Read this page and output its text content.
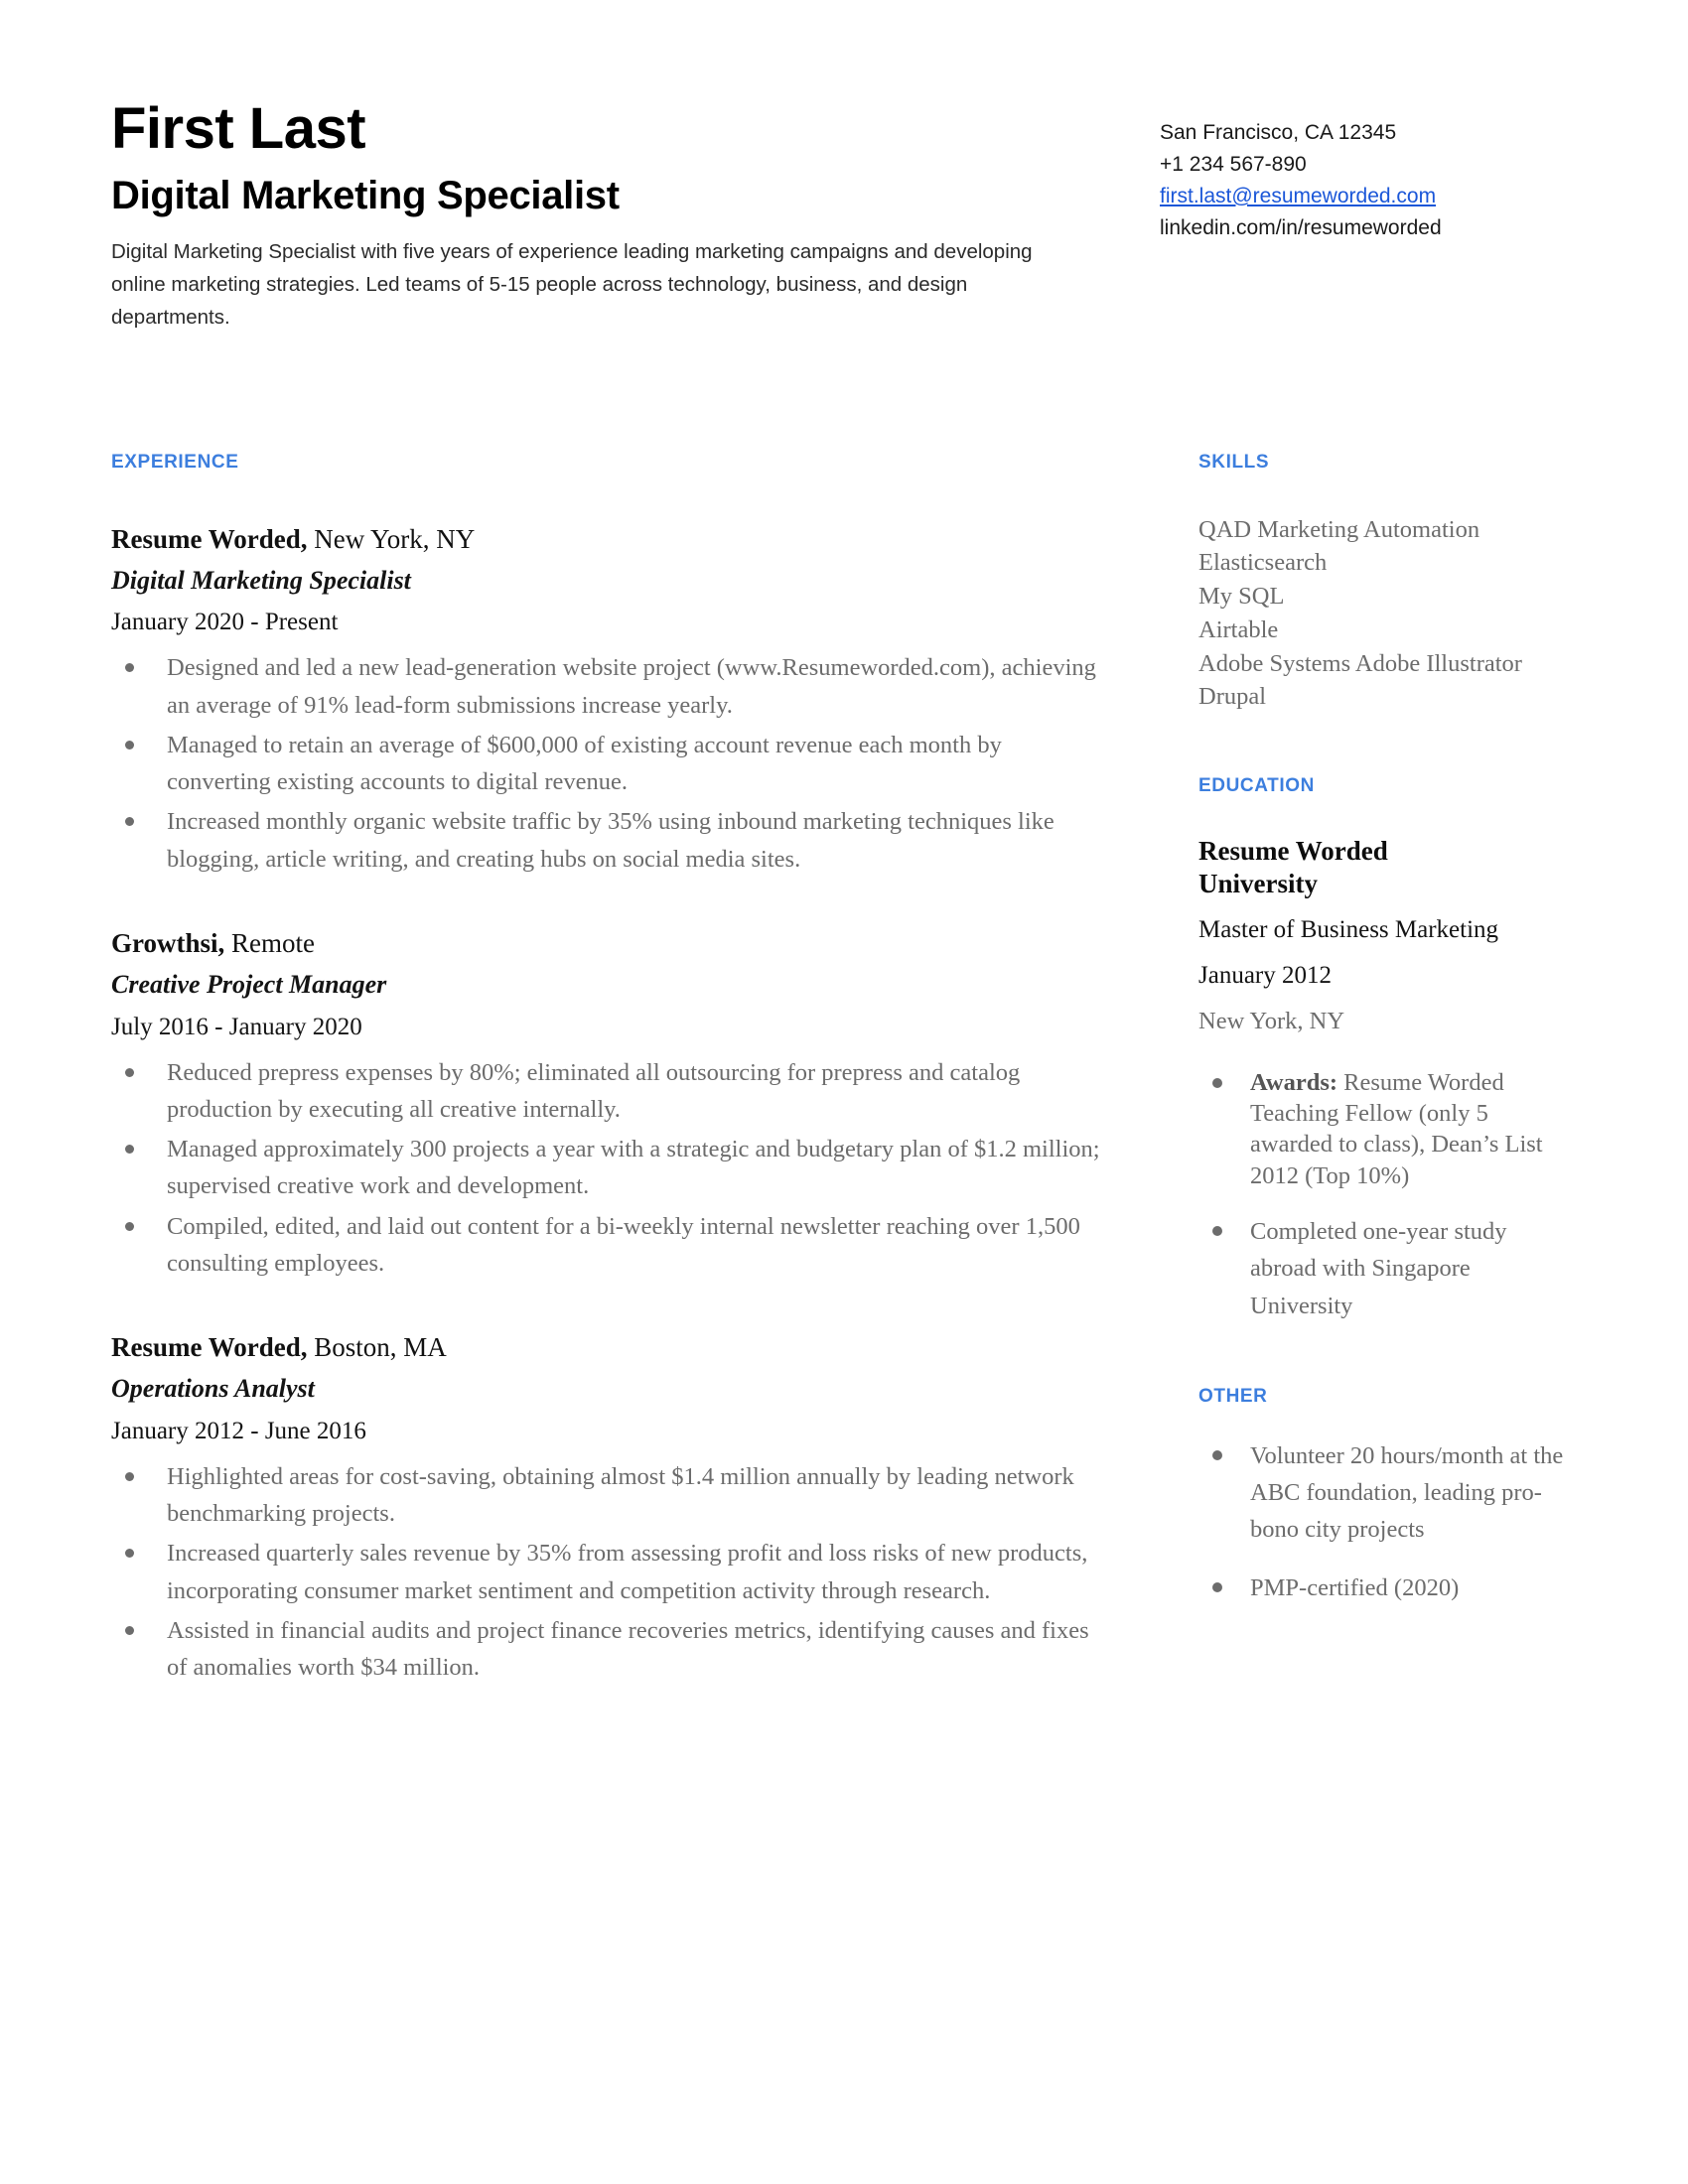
First Last
Digital Marketing Specialist
Digital Marketing Specialist with five years of experience leading marketing campaigns and developing online marketing strategies. Led teams of 5-15 people across technology, business, and design departments.
San Francisco, CA 12345
+1 234 567-890
first.last@resumeworded.com
linkedin.com/in/resumeworded
EXPERIENCE
Resume Worded, New York, NY
Digital Marketing Specialist
January 2020 - Present
Designed and led a new lead-generation website project (www.Resumeworded.com), achieving an average of 91% lead-form submissions increase yearly.
Managed to retain an average of $600,000 of existing account revenue each month by converting existing accounts to digital revenue.
Increased monthly organic website traffic by 35% using inbound marketing techniques like blogging, article writing, and creating hubs on social media sites.
Growthsi, Remote
Creative Project Manager
July 2016 - January 2020
Reduced prepress expenses by 80%; eliminated all outsourcing for prepress and catalog production by executing all creative internally.
Managed approximately 300 projects a year with a strategic and budgetary plan of $1.2 million; supervised creative work and development.
Compiled, edited, and laid out content for a bi-weekly internal newsletter reaching over 1,500 consulting employees.
Resume Worded, Boston, MA
Operations Analyst
January 2012 - June 2016
Highlighted areas for cost-saving, obtaining almost $1.4 million annually by leading network benchmarking projects.
Increased quarterly sales revenue by 35% from assessing profit and loss risks of new products, incorporating consumer market sentiment and competition activity through research.
Assisted in financial audits and project finance recoveries metrics, identifying causes and fixes of anomalies worth $34 million.
SKILLS
QAD Marketing Automation
Elasticsearch
My SQL
Airtable
Adobe Systems Adobe Illustrator
Drupal
EDUCATION
Resume Worded University
Master of Business Marketing
January 2012
New York, NY
Awards: Resume Worded Teaching Fellow (only 5 awarded to class), Dean’s List 2012 (Top 10%)
Completed one-year study abroad with Singapore University
OTHER
Volunteer 20 hours/month at the ABC foundation, leading pro-bono city projects
PMP-certified (2020)
